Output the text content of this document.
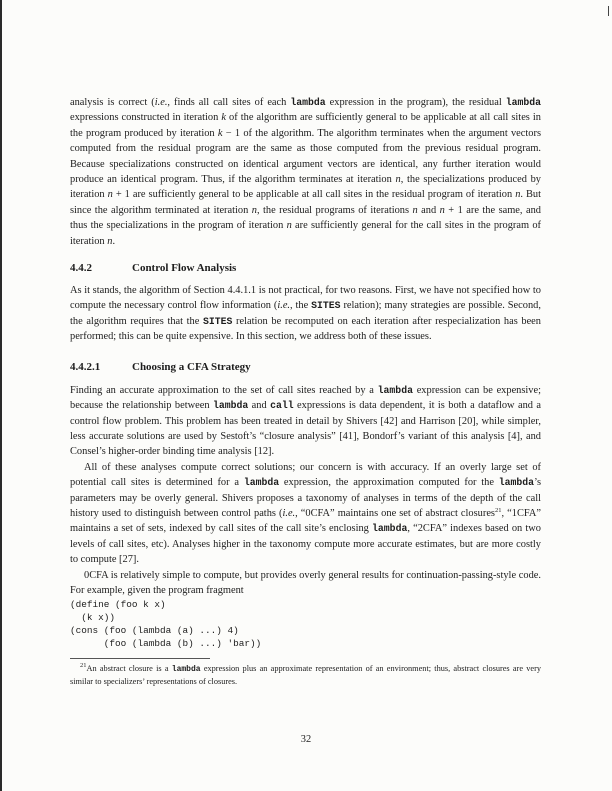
analysis is correct (i.e., finds all call sites of each lambda expression in the program), the residual lambda expressions constructed in iteration k of the algorithm are sufficiently general to be applicable at all call sites in the program produced by iteration k − 1 of the algorithm. The algorithm terminates when the argument vectors computed from the residual program are the same as those computed from the previous residual program. Because specializations constructed on identical argument vectors are identical, any further iteration would produce an identical program. Thus, if the algorithm terminates at iteration n, the specializations produced by iteration n + 1 are sufficiently general to be applicable at all call sites in the residual program of iteration n. But since the algorithm terminated at iteration n, the residual programs of iterations n and n + 1 are the same, and thus the specializations in the program of iteration n are sufficiently general for the call sites in the program of iteration n.

4.4.2	Control Flow Analysis

As it stands, the algorithm of Section 4.4.1.1 is not practical, for two reasons. First, we have not specified how to compute the necessary control flow information (i.e., the SITES relation); many strategies are possible. Second, the algorithm requires that the SITES relation be recomputed on each iteration after respecialization has been performed; this can be quite expensive. In this section, we address both of these issues.

4.4.2.1	Choosing a CFA Strategy

Finding an accurate approximation to the set of call sites reached by a lambda expression can be expensive; because the relationship between lambda and call expressions is data dependent, it is both a dataflow and a control flow problem. This problem has been treated in detail by Shivers [42] and Harrison [20], while simpler, less accurate solutions are used by Sestoft’s “closure analysis” [41], Bondorf’s variant of this analysis [4], and Consel’s higher-order binding time analysis [12].

All of these analyses compute correct solutions; our concern is with accuracy. If an overly large set of potential call sites is determined for a lambda expression, the approximation computed for the lambda’s parameters may be overly general. Shivers proposes a taxonomy of analyses in terms of the depth of the call history used to distinguish between control paths (i.e., “0CFA” maintains one set of abstract closures$^{21}$, “1CFA” maintains a set of sets, indexed by call sites of the call site’s enclosing lambda, “2CFA” indexes based on two levels of call sites, etc). Analyses higher in the taxonomy compute more accurate estimates, but are more costly to compute [27].

0CFA is relatively simple to compute, but provides overly general results for continuation-passing-style code. For example, given the program fragment

(define (foo k x)
(k x))
(cons (foo (lambda (a) ...) 4)
(foo (lambda (b) ...) 'bar))

$^{21}$An abstract closure is a lambda expression plus an approximate representation of an environment; thus, abstract closures are very similar to specializers’ representations of closures.

32
